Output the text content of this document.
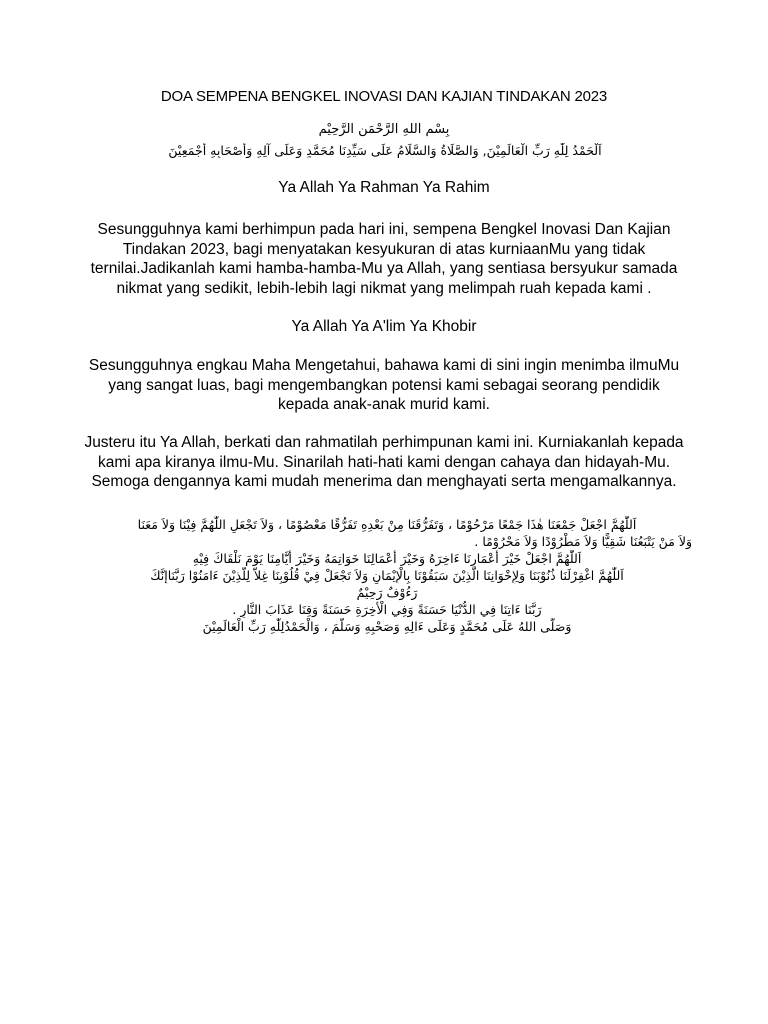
DOA SEMPENA BENGKEL INOVASI DAN KAJIAN TINDAKAN 2023
بِسْمِ اللهِ الرَّحْمَنِ الرَّحِيْمِ
اَلْحَمْدُ لِلّٰهِ رَبِّ الْعَالَمِيْنَ, وَالصَّلَاةُ وَالسَّلَامُ عَلَى سَيِّدِنَا مُحَمَّدٍ وَعَلَى آلِهِ وَأَصْحَابِهِ أَجْمَعِيْنَ
Ya Allah Ya Rahman Ya Rahim
Sesungguhnya kami berhimpun pada hari ini, sempena Bengkel Inovasi Dan Kajian Tindakan 2023, bagi menyatakan kesyukuran di atas kurniaanMu yang tidak ternilai.Jadikanlah kami hamba-hamba-Mu ya Allah, yang sentiasa bersyukur samada nikmat yang sedikit, lebih-lebih lagi nikmat yang melimpah ruah kepada kami .
Ya Allah Ya A'lim Ya Khobir
Sesungguhnya engkau Maha Mengetahui, bahawa kami di sini ingin menimba ilmuMu yang sangat luas, bagi mengembangkan potensi kami sebagai seorang pendidik kepada anak-anak murid kami.
Justeru itu Ya Allah, berkati dan rahmatilah perhimpunan kami ini. Kurniakanlah kepada kami apa kiranya ilmu-Mu. Sinarilah hati-hati kami dengan cahaya dan hidayah-Mu. Semoga dengannya kami mudah menerima dan menghayati serta mengamalkannya.
اَللّٰهُمَّ اجْعَلْ جَمْعَنَا هٰذَا جَمْعًا مَرْحُوْمًا ، وَتَفَرُّقَنَا مِنْ بَعْدِهِ تَفَرُّقًا مَعْصُوْمًا ، وَلاَ تَجْعَلِ اللّٰهُمَّ فِيْنَا وَلاَ مَعَنَا
وَلاَ مَنْ يَتْبَعُنَا شَقِيًّا وَلاَ مَطْرُوْدًا وَلاَ مَحْرُوْمًا .
اَللّٰهُمَّ اجْعَلْ خَيْرَ أَعْمَارِنَا ءَاخِرَهُ وَخَيْرَ أَعْمَالِنَا خَوَاتِمَهُ وَخَيْرَ أَيَّامِنَا يَوْمَ نَلْقَاكَ فِيْهِ
اَللّٰهُمَّ اغْفِرْلَنَا ذُنُوْبَنَا وَلِإِخْوَانِنَا الَّذِيْنَ سَبَقُوْنَا بِالْإِيْمَانِ وَلاَ تَجْعَلْ فِيْ قُلُوْبِنَا غِلاًّ لِلَّذِيْنَ ءَامَنُوْا رَبَّنَاإِنَّكَ
رَءُوْفٌ رَحِيْمٌ
رَبَّنَا ءَاتِنَا فِي الدُّنْيَا حَسَنَةً وَفِي الْأٰخِرَةِ حَسَنَةً وَقِنَا عَذَابَ النَّارِ .
وَصَلَّى اللهُ عَلَى مُحَمَّدٍ وَعَلَى ءَالِهِ وَصَحْبِهِ وَسَلَّمَ ، وَالْحَمْدُلِلّٰهِ رَبِّ الْعَالَمِيْنَ
